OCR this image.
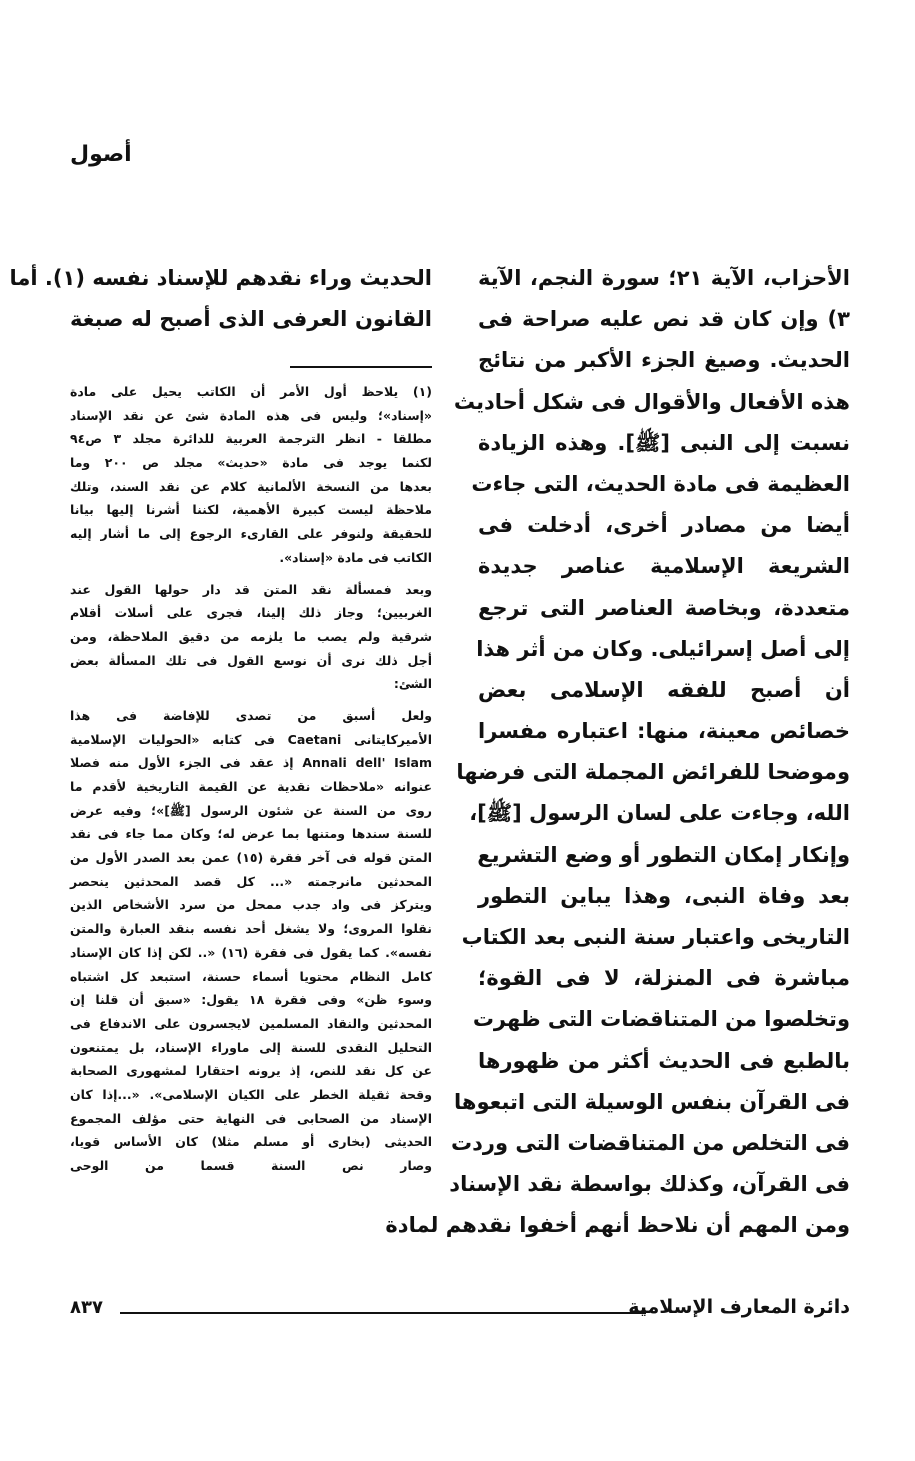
أصول
الأحزاب، الآية ٢١؛ سورة النجم، الآية
٣) وإن كان قد نص عليه صراحة فى
الحديث. وصيغ الجزء الأكبر من نتائج
هذه الأفعال والأقوال فى شكل أحاديث
نسبت إلى النبى [ﷺ]. وهذه الزيادة
العظيمة فى مادة الحديث، التى جاءت
أيضا من مصادر أخرى، أدخلت فى
الشريعة الإسلامية عناصر جديدة
متعددة، وبخاصة العناصر التى ترجع
إلى أصل إسرائيلى. وكان من أثر هذا
أن أصبح للفقه الإسلامى بعض
خصائص معينة، منها: اعتباره مفسرا
وموضحا للفرائض المجملة التى فرضها
الله، وجاءت على لسان الرسول [ﷺ]،
وإنكار إمكان التطور أو وضع التشريع
بعد وفاة النبى، وهذا يباين التطور
التاريخى واعتبار سنة النبى بعد الكتاب
مباشرة فى المنزلة، لا فى القوة؛
وتخلصوا من المتناقضات التى ظهرت
بالطبع فى الحديث أكثر من ظهورها
فى القرآن بنفس الوسيلة التى اتبعوها
فى التخلص من المتناقضات التى وردت
فى القرآن، وكذلك بواسطة نقد الإسناد
ومن المهم أن نلاحظ أنهم أخفوا نقدهم لمادة
الحديث وراء نقدهم للإسناد نفسه (١). أما
القانون العرفى الذى أصبح له صبغة
(١) يلاحظ أول الأمر أن الكاتب يحيل على مادة
«إسناد»؛ وليس فى هذه المادة شئ عن نقد الإسناد
مطلقا - انظر الترجمة العربية للدائرة مجلد ٣ ص٩٤
لكنما يوجد فى مادة «حديث» مجلد ص ٢٠٠ وما
بعدها من النسخة الألمانية كلام عن نقد السند، وتلك
ملاحظة ليست كبيرة الأهمية، لكننا أشرنا إليها بيانا
للحقيقة ولنوفر على القارىء الرجوع إلى ما أشار إليه
الكاتب فى مادة «إسناد».
وبعد فمسألة نقد المتن قد دار حولها القول عند
الغربيين؛ وجاز ذلك إلينا، فجرى على أسلات أقلام
شرقية ولم يصب ما يلزمه من دقيق الملاحظة، ومن
أجل ذلك نرى أن نوسع القول فى تلك المسألة بعض
الشئ:
ولعل أسبق من تصدى للإفاضة فى هذا
الأميركايتانى Caetani فى كتابه «الحوليات الإسلامية
Annali dell' Islam إذ عقد فى الجزء الأول منه فصلا
عنوانه «ملاحظات نقدية عن القيمة التاريخية لأقدم ما
روى من السنة عن شئون الرسول [ﷺ]»؛ وفيه عرض
للسنة سندها ومتنها بما عرض له؛ وكان مما جاء فى نقد
المتن قوله فى آخر فقرة (١٥) عمن بعد الصدر الأول من
المحدثين مانرجمته «... كل قصد المحدثين ينحصر
ويتركز فى واد جدب ممحل من سرد الأشخاص الذين
نقلوا المروى؛ ولا يشغل أحد نفسه بنقد العبارة والمتن
نفسه». كما يقول فى فقرة (١٦) «.. لكن إذا كان الإسناد
كامل النظام محتويا أسماء حسنة، استبعد كل اشتباه
وسوء ظن» وفى فقرة ١٨ يقول: «سبق أن قلنا إن
المحدثين والنقاد المسلمين لايجسرون على الاندفاع فى
التحليل النقدى للسنة إلى ماوراء الإسناد، بل يمتنعون
عن كل نقد للنص، إذ يرونه احتقارا لمشهورى الصحابة
وقحة ثقيلة الخطر على الكيان الإسلامى». «...إذا كان
الإسناد من الصحابى فى النهاية حتى مؤلف المجموع
الحديثى (بخارى أو مسلم مثلا) كان الأساس قويا،
وصار نص السنة قسما من الوحى
دائرة المعارف الإسلامية
٨٣٧
